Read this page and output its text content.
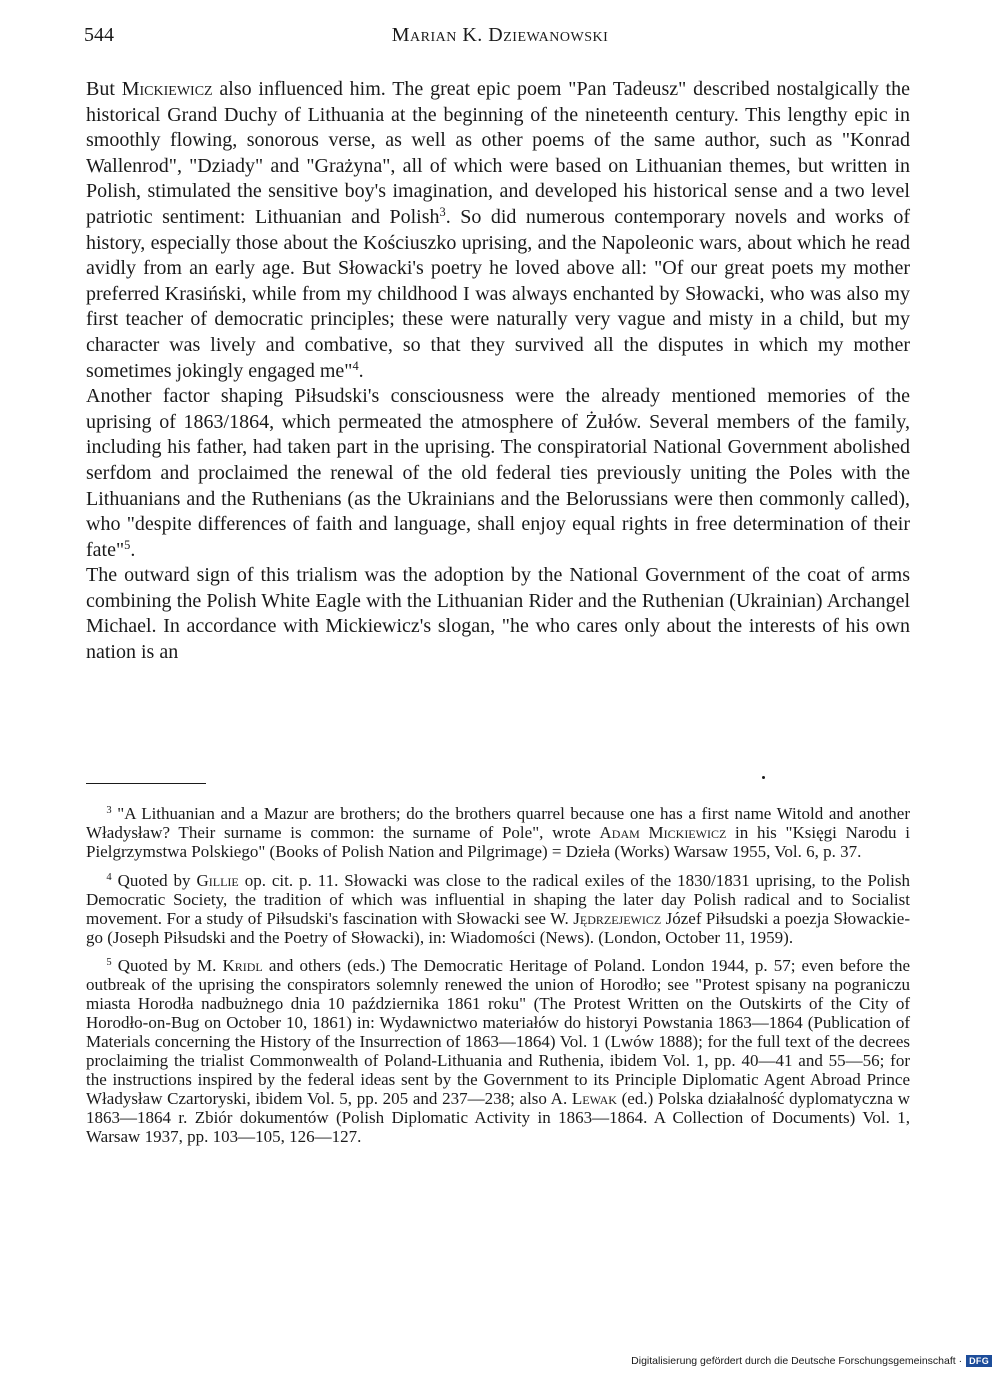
544	Marian K. Dziewanowski

But Mickiewicz also influenced him. The great epic poem "Pan Tadeusz" described nostalgically the historical Grand Duchy of Lithuania at the beginning of the nineteenth century. This lengthy epic in smoothly flowing, sonorous verse, as well as other poems of the same author, such as "Konrad Wallenrod", "Dziady" and "Grażyna", all of which were based on Lithuanian themes, but written in Polish, stimulated the sensitive boy's imagination, and developed his historical sense and a two level patriotic sentiment: Lithuanian and Polish$^3$. So did numerous contemporary novels and works of history, especially those about the Kościuszko uprising, and the Napoleonic wars, about which he read avidly from an early age. But Słowacki's poetry he loved above all: "Of our great poets my mother preferred Krasiński, while from my childhood I was always enchanted by Słowacki, who was also my first teacher of democratic principles; these were naturally very vague and misty in a child, but my character was lively and combative, so that they survived all the disputes in which my mother sometimes jokingly engaged me"$^4$.

Another factor shaping Piłsudski's consciousness were the already mentioned memories of the uprising of 1863/1864, which permeated the atmosphere of Żułów. Several members of the family, including his father, had taken part in the uprising. The conspiratorial National Government abolished serfdom and proclaimed the renewal of the old federal ties previously uniting the Poles with the Lithuanians and the Ruthenians (as the Ukrainians and the Belorussians were then commonly called), who "despite differences of faith and language, shall enjoy equal rights in free determination of their fate"$^5$.

The outward sign of this trialism was the adoption by the National Government of the coat of arms combining the Polish White Eagle with the Lithuanian Rider and the Ruthenian (Ukrainian) Archangel Michael. In accordance with Mickiewicz's slogan, "he who cares only about the interests of his own nation is an

$^3$ "A Lithuanian and a Mazur are brothers; do the brothers quarrel because one has a first name Witold and another Władysław? Their surname is common: the surname of Pole", wrote Adam Mickiewicz in his "Księgi Narodu i Pielgrzymstwa Polskiego" (Books of Polish Nation and Pilgrimage) = Dzieła (Works) Warsaw 1955, Vol. 6, p. 37.

$^4$ Quoted by Gillie op. cit. p. 11. Słowacki was close to the radical exiles of the 1830/1831 uprising, to the Polish Democratic Society, the tradition of which was influential in shaping the later day Polish radical and to Socialist movement. For a study of Piłsudski's fascination with Słowacki see W. Jędrzejewicz Józef Piłsudski a poezja Słowackiego (Joseph Piłsudski and the Poetry of Słowacki), in: Wiadomości (News). (London, October 11, 1959).

$^5$ Quoted by M. Kridl and others (eds.) The Democratic Heritage of Poland. London 1944, p. 57; even before the outbreak of the uprising the conspirators solemnly renewed the union of Horodło; see "Protest spisany na pograniczu miasta Horodła nadbużnego dnia 10 października 1861 roku" (The Protest Written on the Outskirts of the City of Horodło-on-Bug on October 10, 1861) in: Wydawnictwo materiałów do historyi Powstania 1863—1864 (Publication of Materials concerning the History of the Insurrection of 1863—1864) Vol. 1 (Lwów 1888); for the full text of the decrees proclaiming the trialist Commonwealth of Poland-Lithuania and Ruthenia, ibidem Vol. 1, pp. 40—41 and 55—56; for the instructions inspired by the federal ideas sent by the Government to its Principle Diplomatic Agent Abroad Prince Władysław Czartoryski, ibidem Vol. 5, pp. 205 and 237—238; also A. Lewak (ed.) Polska działalność dyplomatyczna w 1863—1864 r. Zbiór dokumentów (Polish Diplomatic Activity in 1863—1864. A Collection of Documents) Vol. 1, Warsaw 1937, pp. 103—105, 126—127.

Digitalisierung gefördert durch die Deutsche Forschungsgemeinschaft · DFG
